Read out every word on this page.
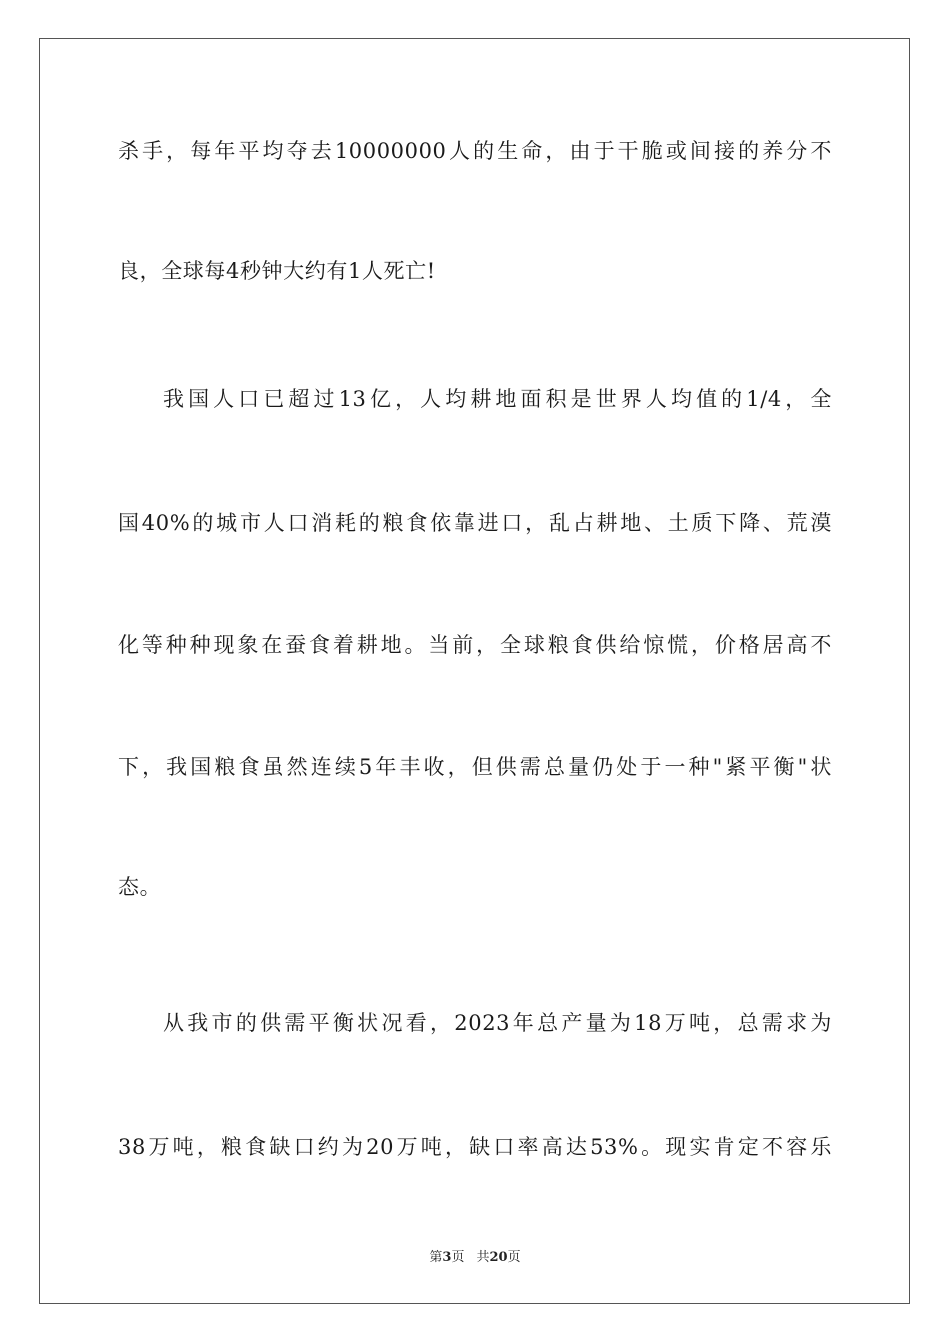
杀手，每年平均夺去10000000人的生命，由于干脆或间接的养分不
良，全球每4秒钟大约有1人死亡!
我国人口已超过13亿，人均耕地面积是世界人均值的1/4，全
国40%的城市人口消耗的粮食依靠进口，乱占耕地、土质下降、荒漠
化等种种现象在蚕食着耕地。当前，全球粮食供给惊慌，价格居高不
下，我国粮食虽然连续5年丰收，但供需总量仍处于一种"紧平衡"状
态。
从我市的供需平衡状况看，2023年总产量为18万吨，总需求为
38万吨，粮食缺口约为20万吨，缺口率高达53%。现实肯定不容乐
第3页 共20页
